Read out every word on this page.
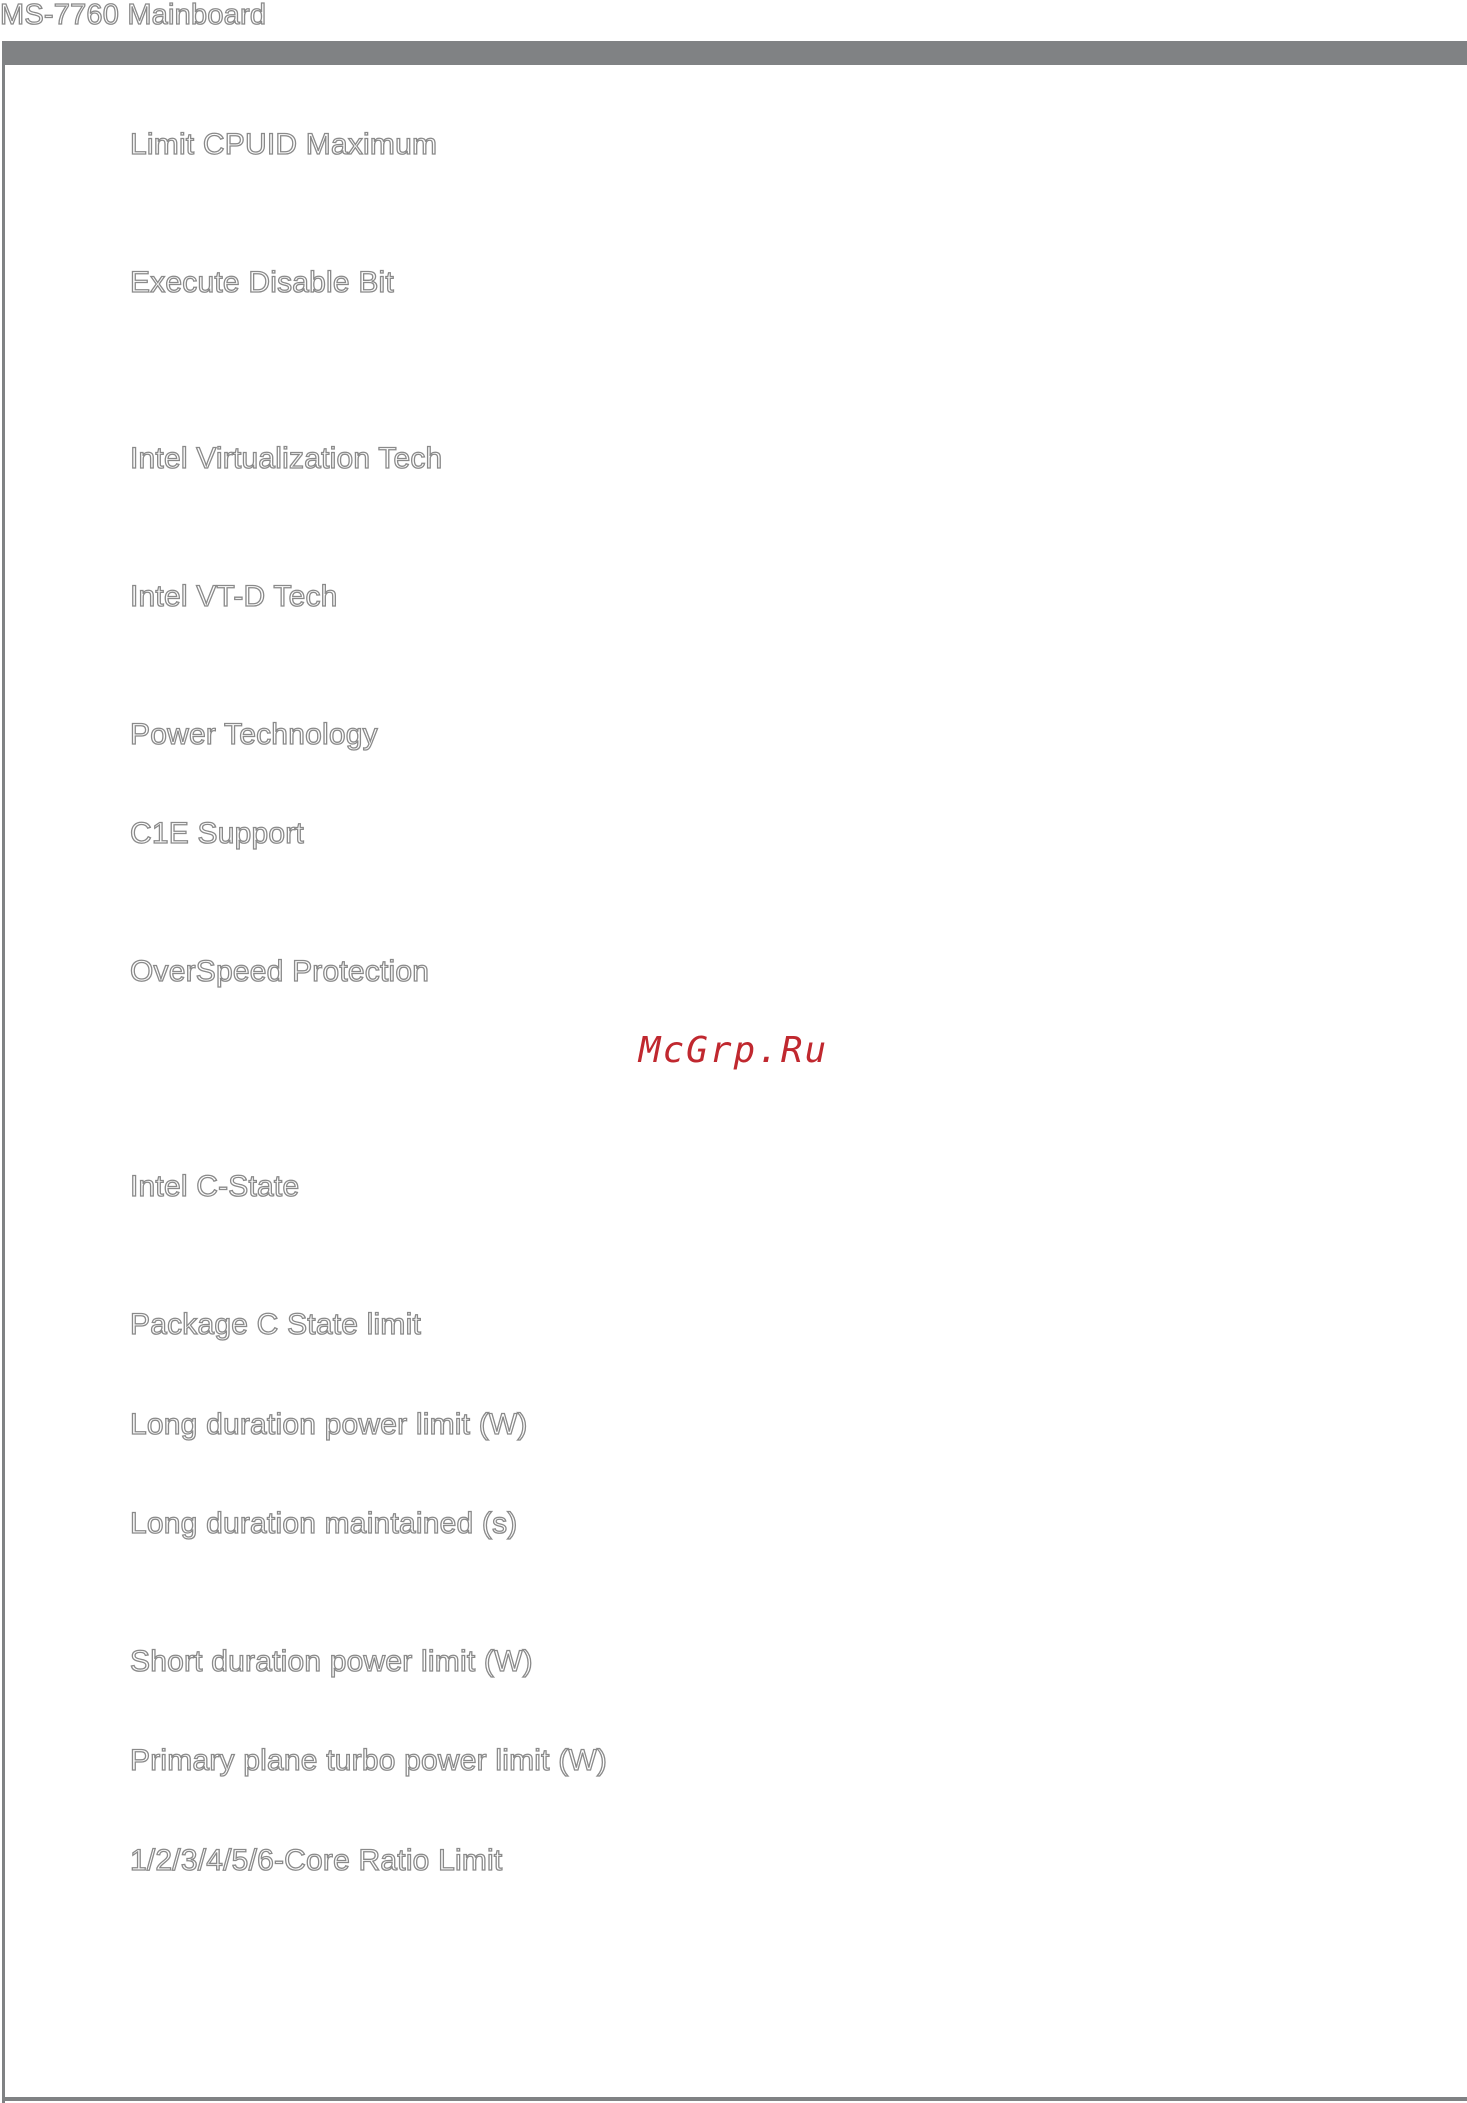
MS-7760 Mainboard
Limit CPUID Maximum
Execute Disable Bit
Intel Virtualization Tech
Intel VT-D Tech
Power Technology
C1E Support
OverSpeed Protection
McGrp.Ru
Intel C-State
Package C State limit
Long duration power limit (W)
Long duration maintained (s)
Short duration power limit (W)
Primary plane turbo power limit (W)
1/2/3/4/5/6-Core Ratio Limit
